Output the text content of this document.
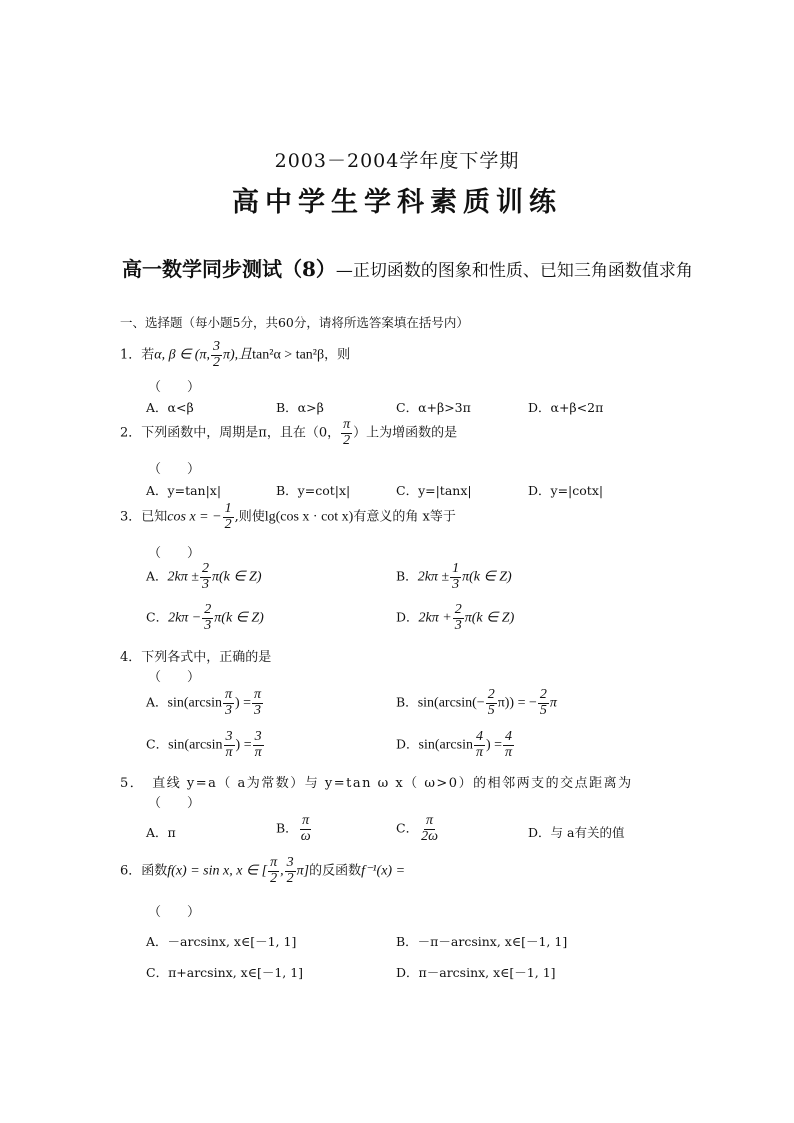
2003－2004学年度下学期
高中学生学科素质训练
高一数学同步测试（8）—正切函数的图象和性质、已知三角函数值求角
一、选择题（每小题5分，共60分，请将所选答案填在括号内）
1．若α, β ∈ (π, $\frac{3}{2} \pi$),且tan²α > tan²β，则
（　　）
A．α<β	B．α>β	C．α+β>3π	D．α+β<2π
2．下列函数中，周期是π，且在（0， $\frac{\pi}{2}$ ）上为增函数的是
（　　）
A．y=tan|x|	B．y=cot|x|	C．y=|tanx|	D．y=|cotx|
3．已知cos x = − $\frac{1}{2}$ ,则使lg(cos x · cot x)有意义的角 x等于
（　　）
A．$2k\pi \pm \frac{2}{3} \pi(k$ ∈ Z)	B．$2k\pi \pm \frac{1}{3} \pi(k$ ∈ Z)
C．$2k\pi - \frac{2}{3} \pi(k$ ∈ Z)	D．$2k\pi + \frac{2}{3} \pi(k$ ∈ Z)
4．下列各式中，正确的是
（　　）
A．$\sin(\arcsin \frac{\pi}{3}$ ) = $\frac{\pi}{3}$	B．$\sin(\arcsin(- \frac{2}{5} \pi))$ = − $\frac{2}{5}$ π
C．$\sin(\arcsin \frac{3}{\pi}$ ) = $\frac{3}{\pi}$	D．$\sin(\arcsin \frac{4}{\pi}$ ) = $\frac{4}{\pi}$
5．　直线 y=a（ a为常数）与 y=tan ω x（ ω>0）的相邻两支的交点距离为
（　　）
A．π	B． $\frac{\pi}{\omega}$	C． $\frac{\pi}{2\omega}$	D．与 a有关的值
6．函数f(x) = sin x, x ∈ [ $\frac{\pi}{2}$ , $\frac{3}{2} \pi$]的反函数f⁻¹(x) =
（　　）
A．－arcsinx, x∈[－1, 1]	B．－π－arcsinx, x∈[－1, 1]
C．π+arcsinx, x∈[－1, 1]	D．π－arcsinx, x∈[－1, 1]
